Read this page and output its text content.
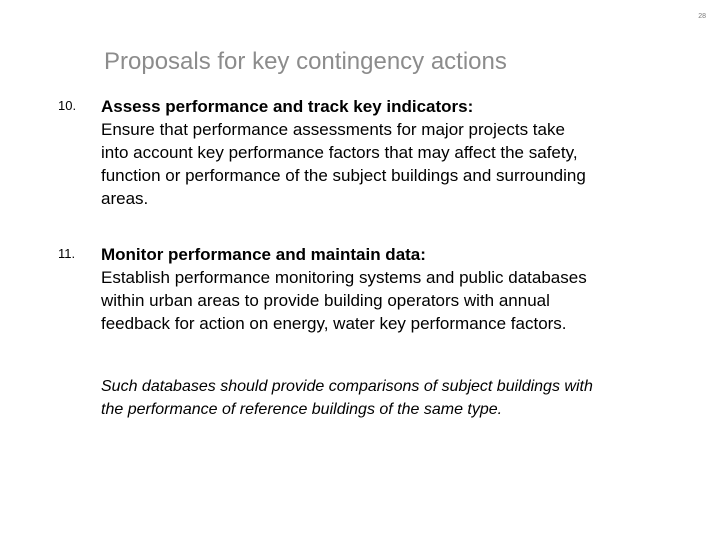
28
Proposals for key contingency actions
10. Assess performance and track key indicators:
Ensure that performance assessments for major projects take
into account key performance factors that may affect the safety,
function or performance of the subject buildings and surrounding
areas.
11. Monitor performance and maintain data:
Establish performance monitoring systems and public databases
within urban areas to provide building operators with annual
feedback for action on energy, water key performance factors.
Such databases should provide comparisons of subject buildings with
the performance of reference buildings of the same type.
